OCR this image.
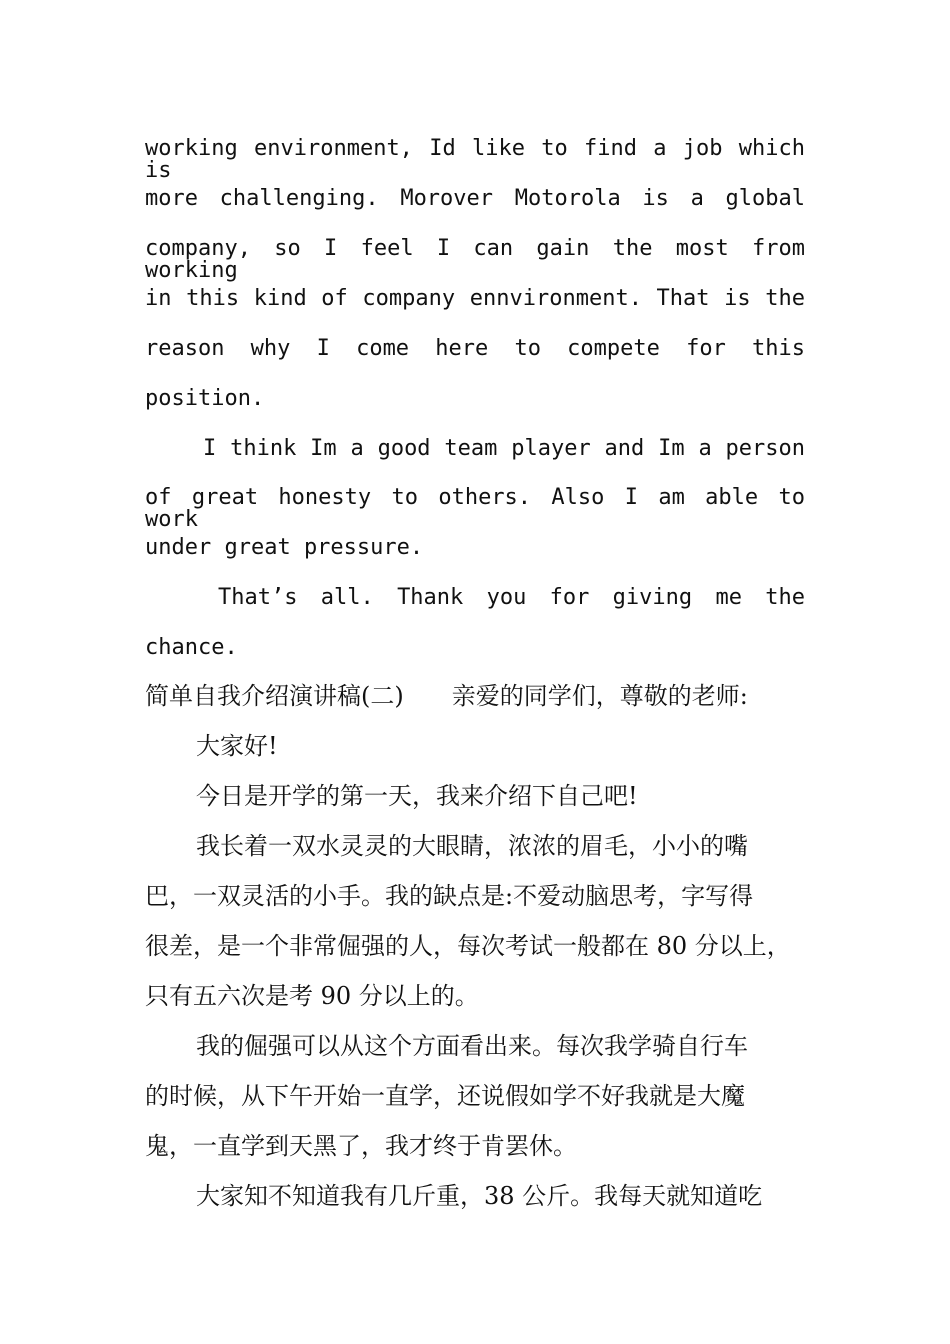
working environment, Id like to find a job which is
more challenging. Morover Motorola is a global
company, so I feel I can gain the most from working
in this kind of company ennvironment. That is the
reason why I come here to compete for this
position.
I think Im a good team player and Im a person
of great honesty to others. Also I am able to work
under great pressure.
That’s all. Thank you for giving me the
chance.
简单自我介绍演讲稿(二)　　亲爱的同学们，尊敬的老师:
大家好!
今日是开学的第一天，我来介绍下自己吧!
我长着一双水灵灵的大眼睛，浓浓的眉毛，小小的嘴
巴，一双灵活的小手。我的缺点是:不爱动脑思考，字写得
很差，是一个非常倔强的人，每次考试一般都在 80 分以上，
只有五六次是考 90 分以上的。
我的倔强可以从这个方面看出来。每次我学骑自行车
的时候，从下午开始一直学，还说假如学不好我就是大魔
鬼，一直学到天黑了，我才终于肯罢休。
大家知不知道我有几斤重，38 公斤。我每天就知道吃
